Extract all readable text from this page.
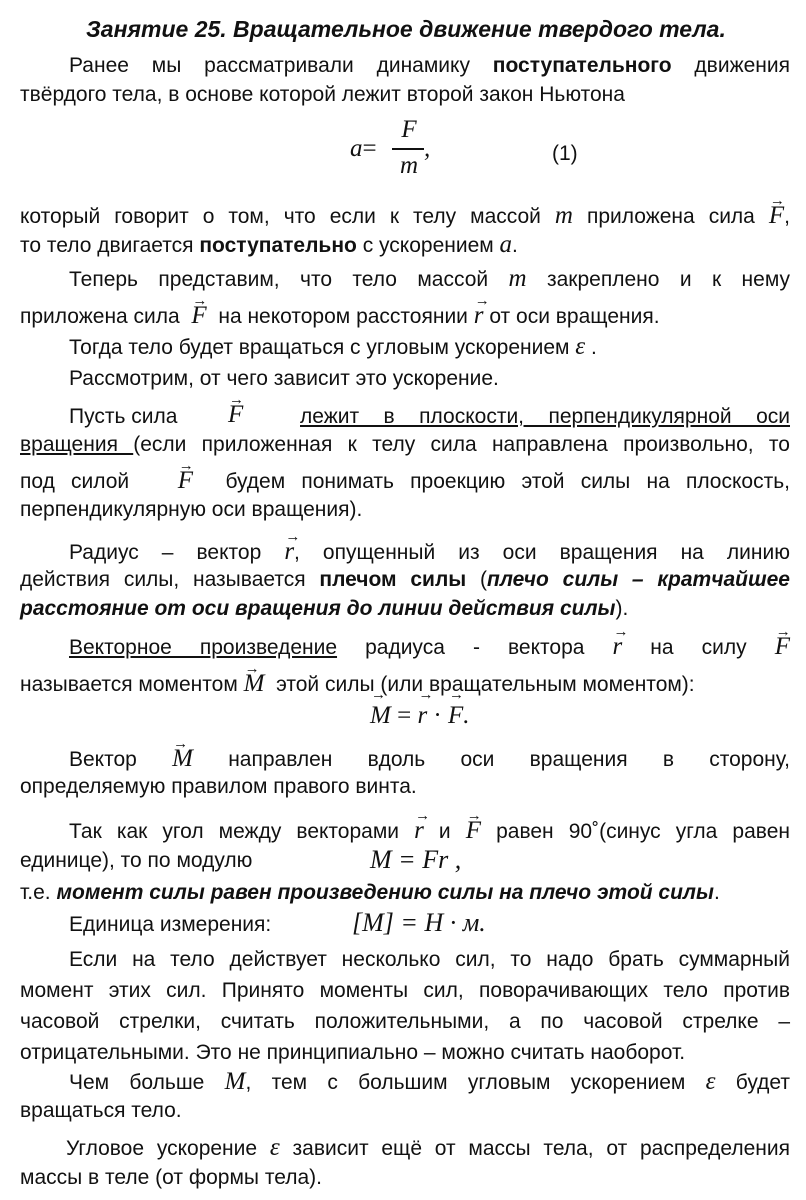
Занятие 25. Вращательное движение твердого тела.
Ранее мы рассматривали динамику поступательного движения
твёрдого тела, в основе которой лежит второй закон Ньютона
a=
F
m
,	(1)
который говорит о том, что если к телу массой m приложена сила → F,
то тело двигается поступательно с ускорением a.
Теперь представим, что тело массой m закреплено и к нему
приложена сила → F на некотором расстоянии → r от оси вращения.
Тогда тело будет вращаться с угловым ускорением ε .
Рассмотрим, от чего зависит это ускорение.
Пусть сила	→ F	лежит в плоскости, перпендикулярной оси
вращения (если приложенная к телу сила направлена произвольно, то
под силой → F будем понимать проекцию этой силы на плоскость,
перпендикулярную оси вращения).
Радиус – вектор → r, опущенный из оси вращения на линию
действия силы, называется плечом силы (плечо силы – кратчайшее
расстояние от оси вращения до линии действия силы).
Векторное произведение радиуса - вектора → r на силу → F
называется моментом → M этой силы (или вращательным моментом):
→ M = → r · → F.
Вектор → M направлен вдоль оси вращения в сторону,
определяемую правилом правого винта.
Так как угол между векторами → r и → F равен 90˚(синус угла равен
единице), то по модулю	M = Fr ,
т.е. момент силы равен произведению силы на плечо этой силы.
Единица измерения:	[M] = H · м.
Если на тело действует несколько сил, то надо брать суммарный
момент этих сил. Принято моменты сил, поворачивающих тело против
часовой стрелки, считать положительными, а по часовой стрелке –
отрицательными. Это не принципиально – можно считать наоборот.
Чем больше M, тем с большим угловым ускорением ε будет
вращаться тело.
Угловое ускорение ε зависит ещё от массы тела, от распределения
массы в теле (от формы тела).
